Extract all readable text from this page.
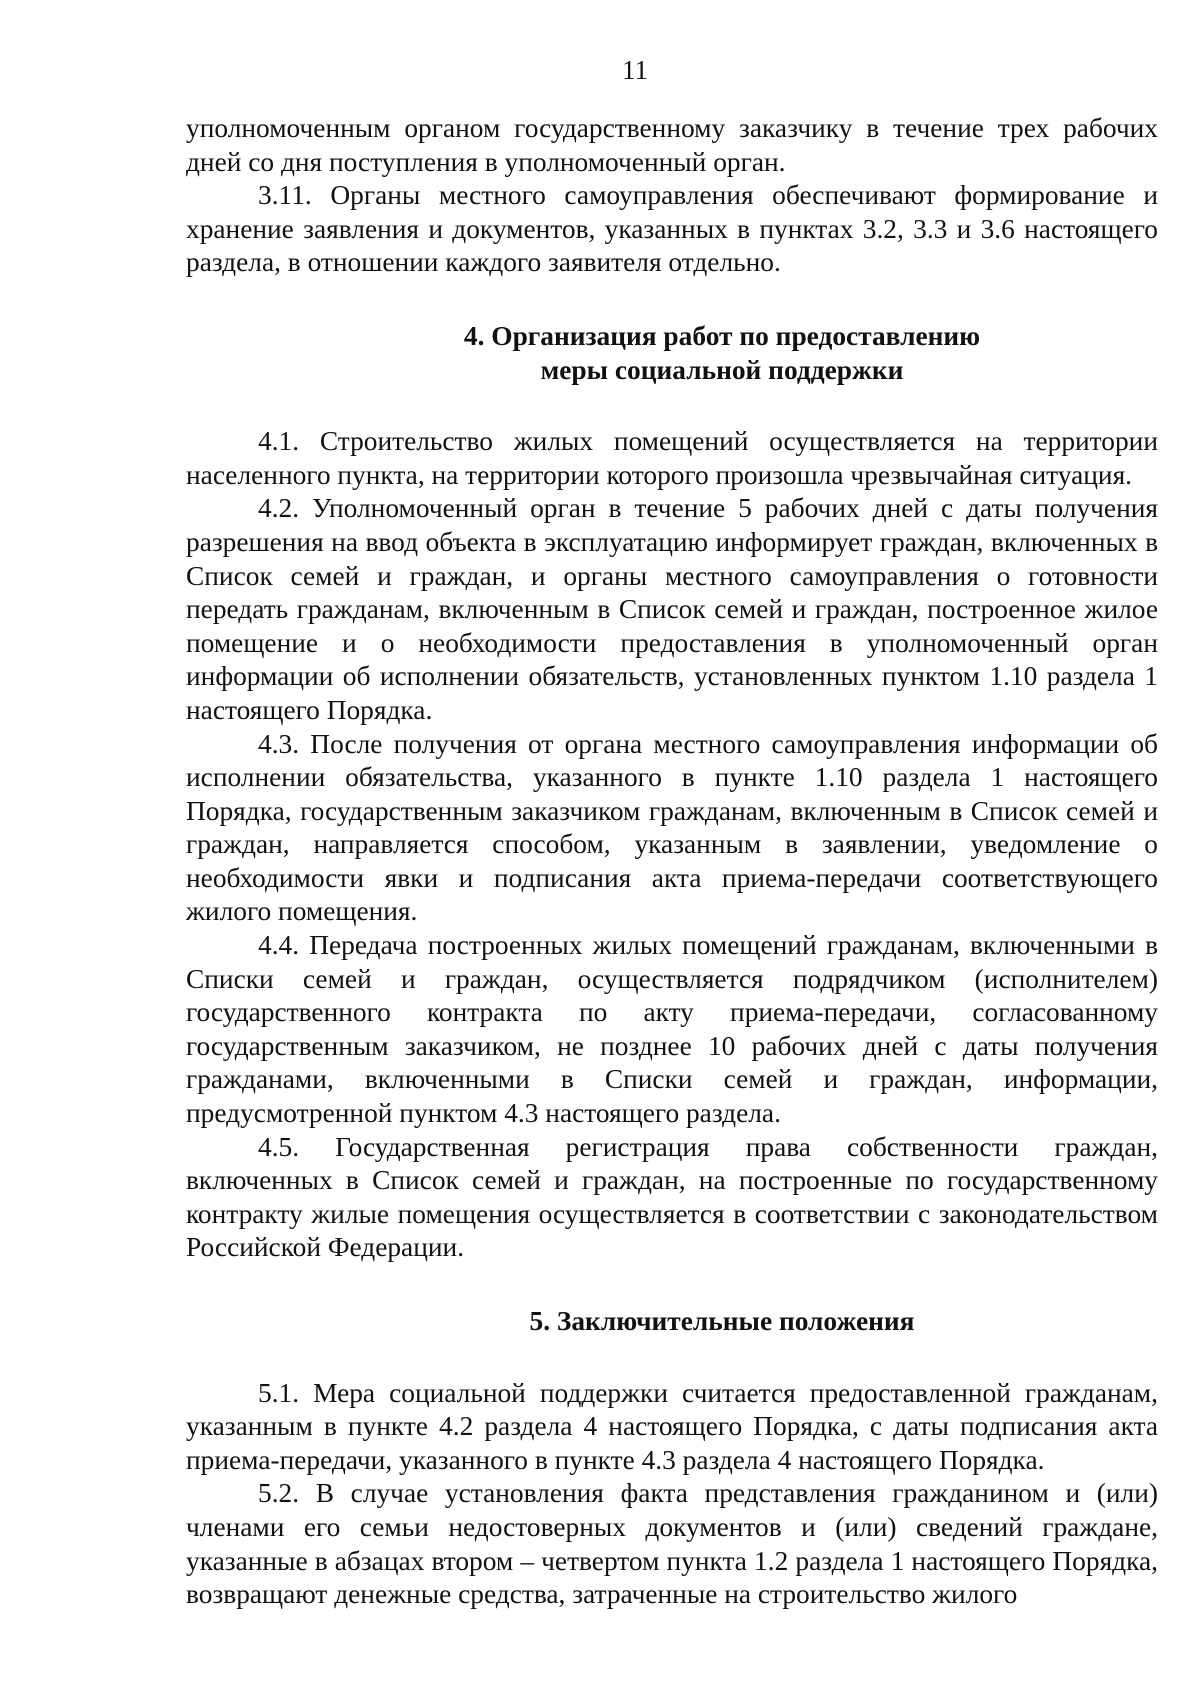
11

уполномоченным органом государственному заказчику в течение трех рабочих дней со дня поступления в уполномоченный орган.

3.11. Органы местного самоуправления обеспечивают формирование и хранение заявления и документов, указанных в пунктах 3.2, 3.3 и 3.6 настоящего раздела, в отношении каждого заявителя отдельно.

4. Организация работ по предоставлению

меры социальной поддержки

4.1. Строительство жилых помещений осуществляется на территории населенного пункта, на территории которого произошла чрезвычайная ситуация.

4.2. Уполномоченный орган в течение 5 рабочих дней с даты получения разрешения на ввод объекта в эксплуатацию информирует граждан, включенных в Список семей и граждан, и органы местного самоуправления о готовности передать гражданам, включенным в Список семей и граждан, построенное жилое помещение и о необходимости предоставления в уполномоченный орган информации об исполнении обязательств, установленных пунктом 1.10 раздела 1 настоящего Порядка.

4.3. После получения от органа местного самоуправления информации об исполнении обязательства, указанного в пункте 1.10 раздела 1 настоящего Порядка, государственным заказчиком гражданам, включенным в Список семей и граждан, направляется способом, указанным в заявлении, уведомление о необходимости явки и подписания акта приема-передачи соответствующего жилого помещения.

4.4. Передача построенных жилых помещений гражданам, включенными в Списки семей и граждан, осуществляется подрядчиком (исполнителем) государственного контракта по акту приема-передачи, согласованному государственным заказчиком, не позднее 10 рабочих дней с даты получения гражданами, включенными в Списки семей и граждан, информации, предусмотренной пунктом 4.3 настоящего раздела.

4.5. Государственная регистрация права собственности граждан, включенных в Список семей и граждан, на построенные по государственному контракту жилые помещения осуществляется в соответствии с законодательством Российской Федерации.

5. Заключительные положения

5.1. Мера социальной поддержки считается предоставленной гражданам, указанным в пункте 4.2 раздела 4 настоящего Порядка, с даты подписания акта приема-передачи, указанного в пункте 4.3 раздела 4 настоящего Порядка.

5.2. В случае установления факта представления гражданином и (или) членами его семьи недостоверных документов и (или) сведений граждане, указанные в абзацах втором – четвертом пункта 1.2 раздела 1 настоящего Порядка, возвращают денежные средства, затраченные на строительство жилого
